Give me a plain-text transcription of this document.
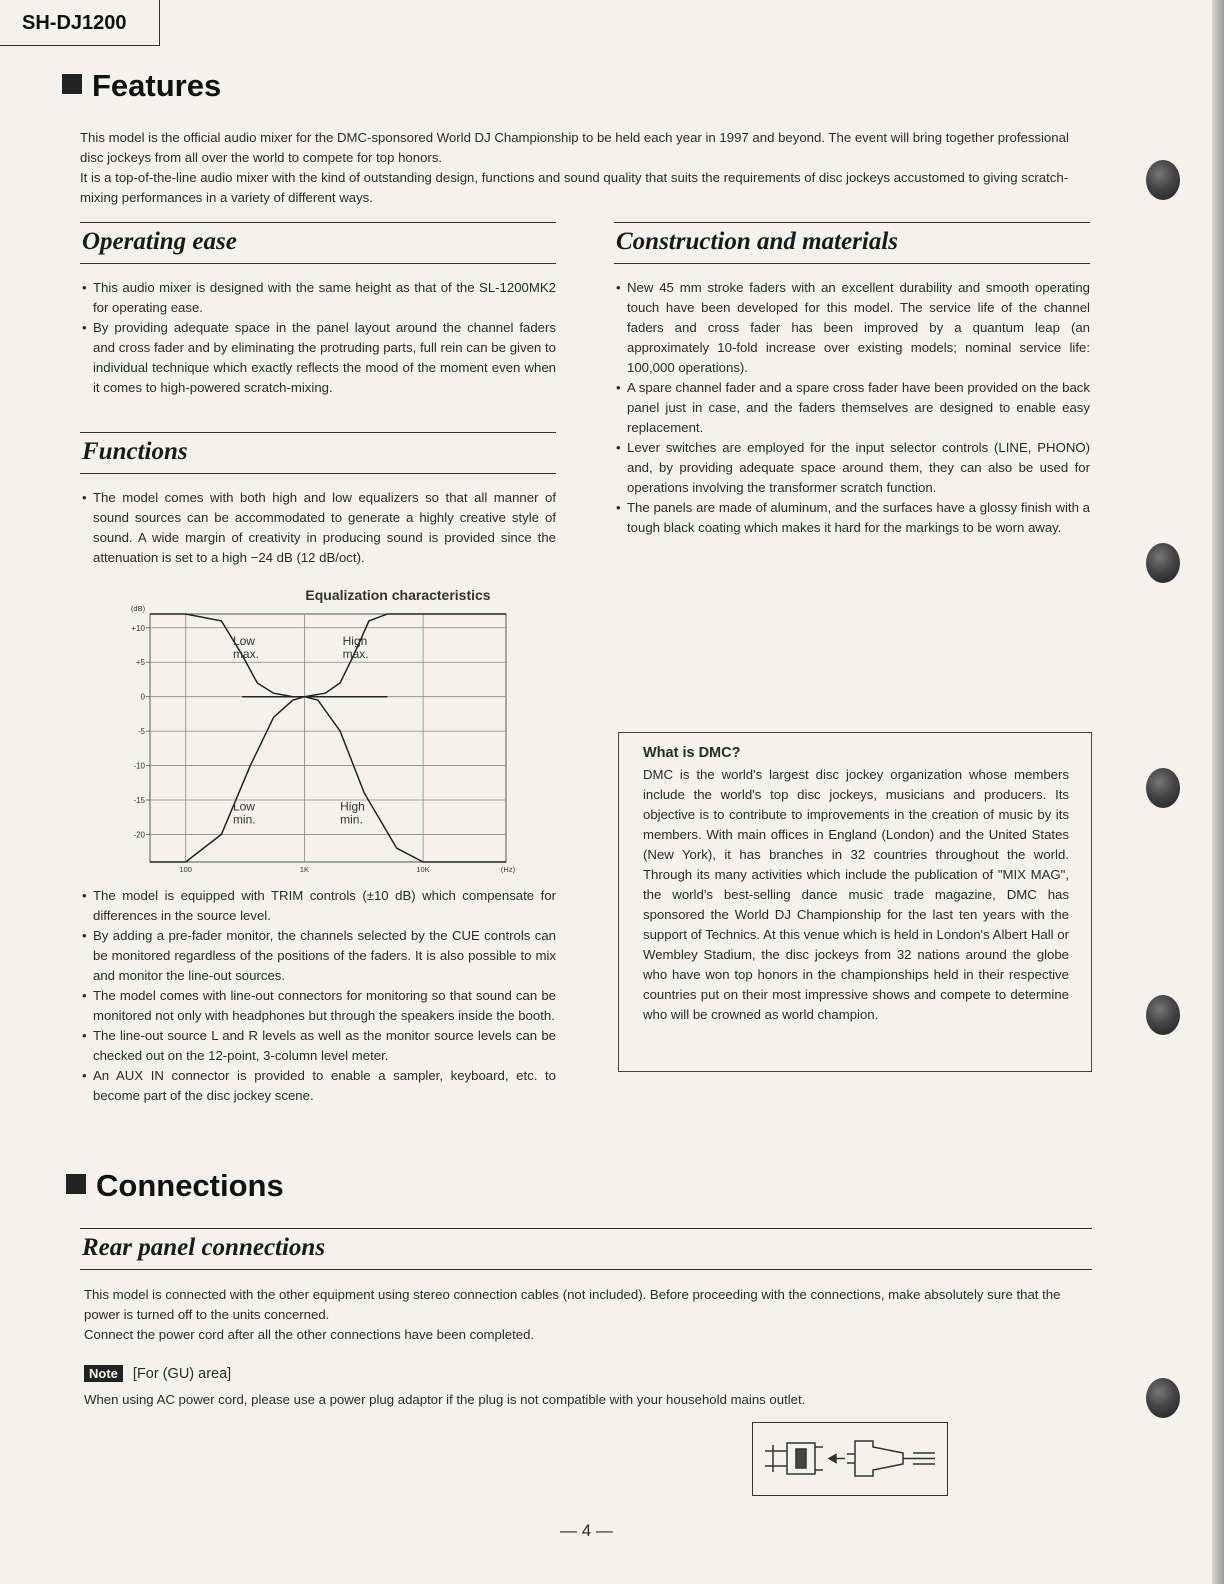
SH-DJ1200
Features

This model is the official audio mixer for the DMC-sponsored World DJ Championship to be held each year in 1997 and beyond. The event will bring together professional disc jockeys from all over the world to compete for top honors.

It is a top-of-the-line audio mixer with the kind of outstanding design, functions and sound quality that suits the requirements of disc jockeys accustomed to giving scratch-mixing performances in a variety of different ways.

Operating ease
• This audio mixer is designed with the same height as that of the SL-1200MK2 for operating ease.
• By providing adequate space in the panel layout around the channel faders and cross fader and by eliminating the protruding parts, full rein can be given to individual technique which exactly reflects the mood of the moment even when it comes to high-powered scratch-mixing.
Functions
• The model comes with both high and low equalizers so that all manner of sound sources can be accommodated to generate a highly creative style of sound. A wide margin of creativity in producing sound is provided since the attenuation is set to a high −24 dB (12 dB/oct).
Equalization characteristics
+10
+5
0
-5
-10
-15
-20
100	1K	10K
(dB)
(Hz)
Low
max.
High
max.
Low
min.
High
min.
• The model is equipped with TRIM controls (±10 dB) which compensate for differences in the source level.
• By adding a pre-fader monitor, the channels selected by the CUE controls can be monitored regardless of the positions of the faders. It is also possible to mix and monitor the line-out sources.
• The model comes with line-out connectors for monitoring so that sound can be monitored not only with headphones but through the speakers inside the booth.
• The line-out source L and R levels as well as the monitor source levels can be checked out on the 12-point, 3-column level meter.
• An AUX IN connector is provided to enable a sampler, keyboard, etc. to become part of the disc jockey scene.
Construction and materials
• New 45 mm stroke faders with an excellent durability and smooth operating touch have been developed for this model. The service life of the channel faders and cross fader has been improved by a quantum leap (an approximately 10-fold increase over existing models; nominal service life: 100,000 operations).
• A spare channel fader and a spare cross fader have been provided on the back panel just in case, and the faders themselves are designed to enable easy replacement.
• Lever switches are employed for the input selector controls (LINE, PHONO) and, by providing adequate space around them, they can also be used for operations involving the transformer scratch function.
• The panels are made of aluminum, and the surfaces have a glossy finish with a tough black coating which makes it hard for the markings to be worn away.
What is DMC?

DMC is the world's largest disc jockey organization whose members include the world's top disc jockeys, musicians and producers. Its objective is to contribute to improvements in the creation of music by its members. With main offices in England (London) and the United States (New York), it has branches in 32 countries throughout the world. Through its many activities which include the publication of "MIX MAG", the world's best-selling dance music trade magazine, DMC has sponsored the World DJ Championship for the last ten years with the support of Technics. At this venue which is held in London's Albert Hall or Wembley Stadium, the disc jockeys from 32 nations around the globe who have won top honors in the championships held in their respective countries put on their most impressive shows and compete to determine who will be crowned as world champion.

Connections
Rear panel connections

This model is connected with the other equipment using stereo connection cables (not included). Before proceeding with the connections, make absolutely sure that the power is turned off to the units concerned.

Connect the power cord after all the other connections have been completed.

Note [For (GU) area]
When using AC power cord, please use a power plug adaptor if the plug is not compatible with your household mains outlet.
— 4 —
